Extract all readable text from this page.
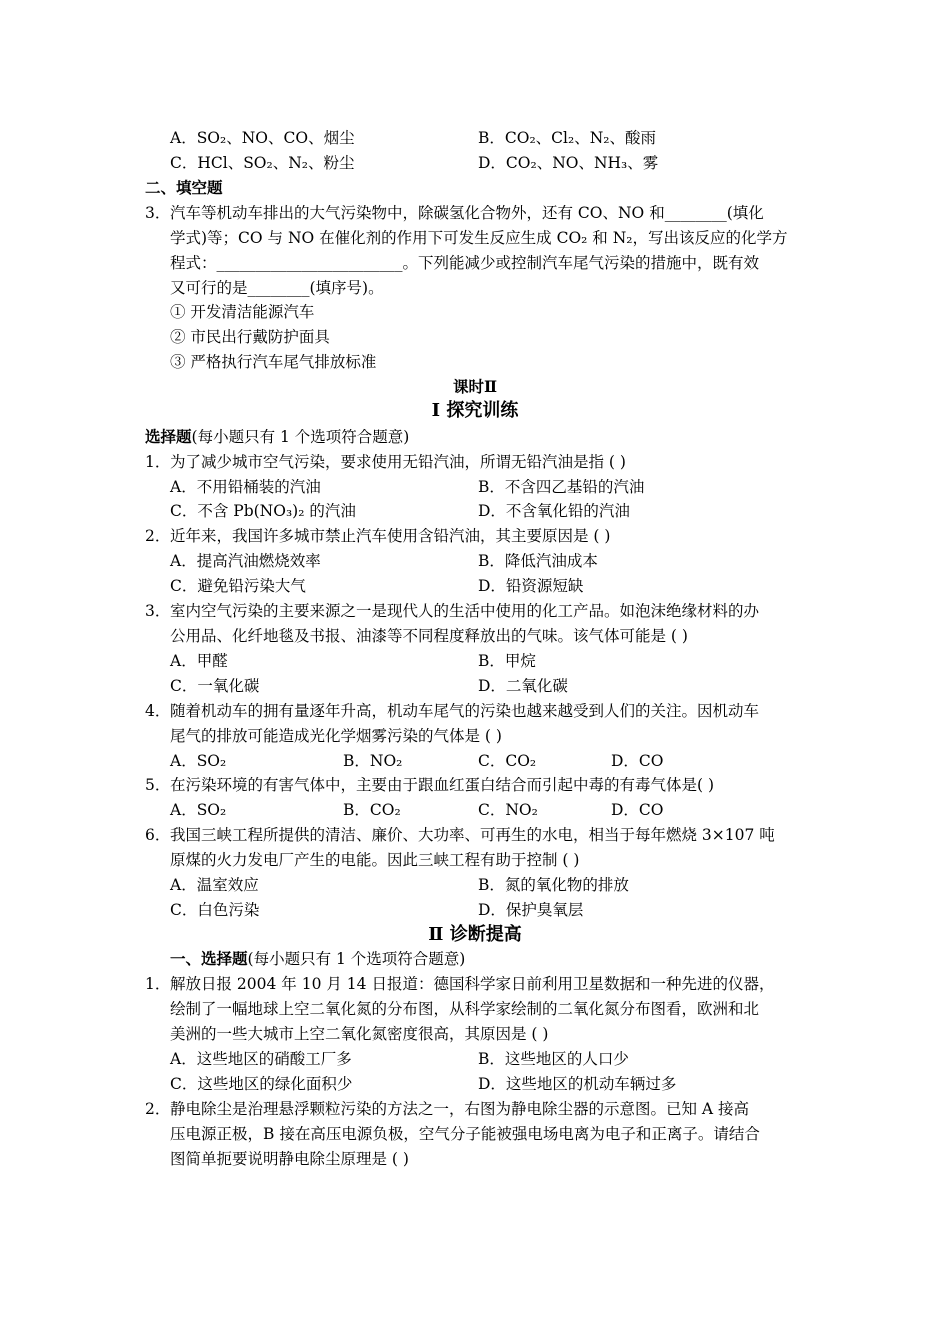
A．SO₂、NO、CO、烟尘	B．CO₂、Cl₂、N₂、酸雨
C．HCl、SO₂、N₂、粉尘	D．CO₂、NO、NH₃、雾
二、填空题
3． 汽车等机动车排出的大气污染物中，除碳氢化合物外，还有 CO、NO 和________(填化
学式)等；CO 与 NO 在催化剂的作用下可发生反应生成 CO₂ 和 N₂，写出该反应的化学方
程式：________________________。下列能减少或控制汽车尾气污染的措施中，既有效
又可行的是________(填序号)。
① 开发清洁能源汽车
② 市民出行戴防护面具
③ 严格执行汽车尾气排放标准
课时Ⅱ
Ⅰ 探究训练
选择题(每小题只有 1 个选项符合题意)
1． 为了减少城市空气污染，要求使用无铅汽油，所谓无铅汽油是指 ( )
A．不用铅桶装的汽油	B．不含四乙基铅的汽油
C．不含 Pb(NO₃)₂ 的汽油	D．不含氧化铅的汽油
2． 近年来，我国许多城市禁止汽车使用含铅汽油，其主要原因是 ( )
A．提高汽油燃烧效率	B．降低汽油成本
C．避免铅污染大气	D．铅资源短缺
3． 室内空气污染的主要来源之一是现代人的生活中使用的化工产品。如泡沫绝缘材料的办
公用品、化纤地毯及书报、油漆等不同程度释放出的气味。该气体可能是 ( )
A．甲醛	B．甲烷
C．一氧化碳	D．二氧化碳
4． 随着机动车的拥有量逐年升高，机动车尾气的污染也越来越受到人们的关注。因机动车
尾气的排放可能造成光化学烟雾污染的气体是 ( )
A．SO₂	B．NO₂	C．CO₂	D．CO
5． 在污染环境的有害气体中，主要由于跟血红蛋白结合而引起中毒的有毒气体是( )
A．SO₂	B．CO₂	C．NO₂	D．CO
6． 我国三峡工程所提供的清洁、廉价、大功率、可再生的水电，相当于每年燃烧 3×107 吨
原煤的火力发电厂产生的电能。因此三峡工程有助于控制 ( )
A．温室效应	B．氮的氧化物的排放
C．白色污染	D．保护臭氧层
Ⅱ 诊断提高
一、选择题(每小题只有 1 个选项符合题意)
1． 解放日报 2004 年 10 月 14 日报道：德国科学家日前利用卫星数据和一种先进的仪器，
绘制了一幅地球上空二氧化氮的分布图，从科学家绘制的二氧化氮分布图看，欧洲和北
美洲的一些大城市上空二氧化氮密度很高，其原因是 ( )
A．这些地区的硝酸工厂多	B．这些地区的人口少
C．这些地区的绿化面积少	D．这些地区的机动车辆过多
2． 静电除尘是治理悬浮颗粒污染的方法之一，右图为静电除尘器的示意图。已知 A 接高
压电源正极，B 接在高压电源负极，空气分子能被强电场电离为电子和正离子。请结合
图简单扼要说明静电除尘原理是 ( )
